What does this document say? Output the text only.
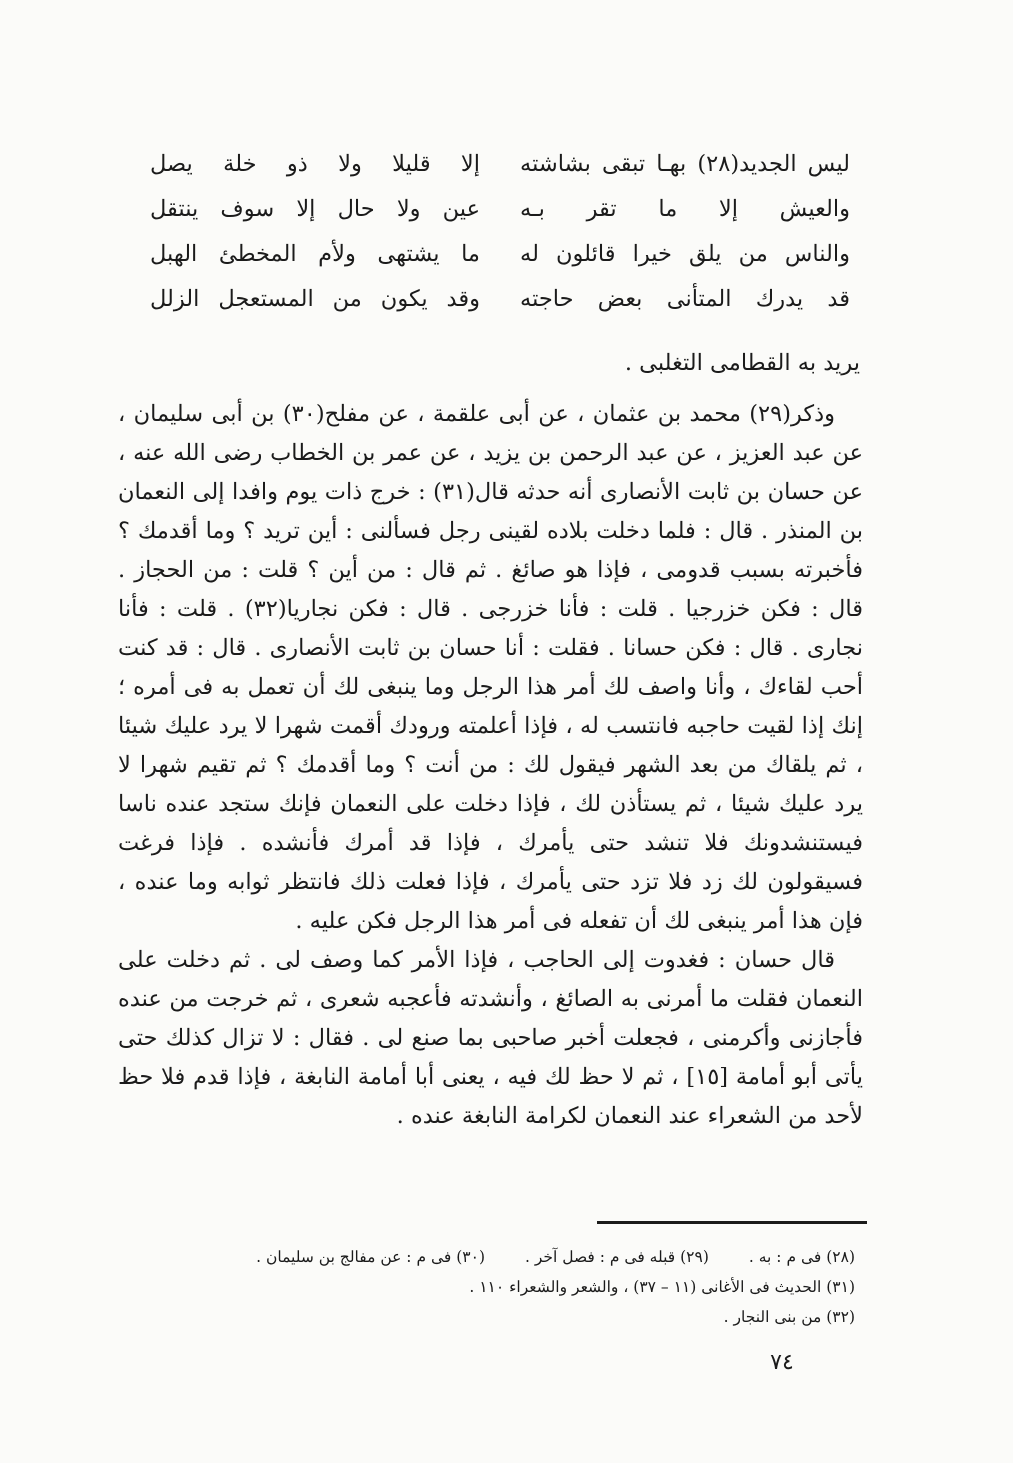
ليس الجديد(٢٨) بهـا تبقى بشاشته
إلا قليلا ولا ذو خلة يصل
والعيش إلا ما تقر بـه
عين ولا حال إلا سوف ينتقل
والناس من يلق خيرا قائلون له
ما يشتهى ولأم المخطئ الهبل
قد يدرك المتأنى بعض حاجته
وقد يكون من المستعجل الزلل
يريد به القطامى التغلبى .

وذكر(٢٩) محمد بن عثمان ، عن أبى علقمة ، عن مفلح(٣٠) بن أبى سليمان ، عن عبد العزيز ، عن عبد الرحمن بن يزيد ، عن عمر بن الخطاب رضى الله عنه ، عن حسان بن ثابت الأنصارى أنه حدثه قال(٣١) : خرج ذات يوم وافدا إلى النعمان بن المنذر . قال : فلما دخلت بلاده لقينى رجل فسألنى : أين تريد ؟ وما أقدمك ؟ فأخبرته بسبب قدومى ، فإذا هو صائغ . ثم قال : من أين ؟ قلت : من الحجاز . قال : فكن خزرجيا . قلت : فأنا خزرجى . قال : فكن نجاريا(٣٢) . قلت : فأنا نجارى . قال : فكن حسانا . فقلت : أنا حسان بن ثابت الأنصارى . قال : قد كنت أحب لقاءك ، وأنا واصف لك أمر هذا الرجل وما ينبغى لك أن تعمل به فى أمره ؛ إنك إذا لقيت حاجبه فانتسب له ، فإذا أعلمته ورودك أقمت شهرا لا يرد عليك شيئا ، ثم يلقاك من بعد الشهر فيقول لك : من أنت ؟ وما أقدمك ؟ ثم تقيم شهرا لا يرد عليك شيئا ، ثم يستأذن لك ، فإذا دخلت على النعمان فإنك ستجد عنده ناسا فيستنشدونك فلا تنشد حتى يأمرك ، فإذا قد أمرك فأنشده . فإذا فرغت فسيقولون لك زد فلا تزد حتى يأمرك ، فإذا فعلت ذلك فانتظر ثوابه وما عنده ، فإن هذا أمر ينبغى لك أن تفعله فى أمر هذا الرجل فكن عليه .

قال حسان : فغدوت إلى الحاجب ، فإذا الأمر كما وصف لى . ثم دخلت على النعمان فقلت ما أمرنى به الصائغ ، وأنشدته فأعجبه شعرى ، ثم خرجت من عنده فأجازنى وأكرمنى ، فجعلت أخبر صاحبى بما صنع لى . فقال : لا تزال كذلك حتى يأتى أبو أمامة [١٥] ، ثم لا حظ لك فيه ، يعنى أبا أمامة النابغة ، فإذا قدم فلا حظ لأحد من الشعراء عند النعمان لكرامة النابغة عنده .

(٢٨) فى م : به .(٢٩) قبله فى م : فصل آخر .(٣٠) فى م : عن مفالج بن سليمان .
(٣١) الحديث فى الأغانى (١١ – ٣٧) ، والشعر والشعراء ١١٠ .
(٣٢) من بنى النجار .
٧٤
